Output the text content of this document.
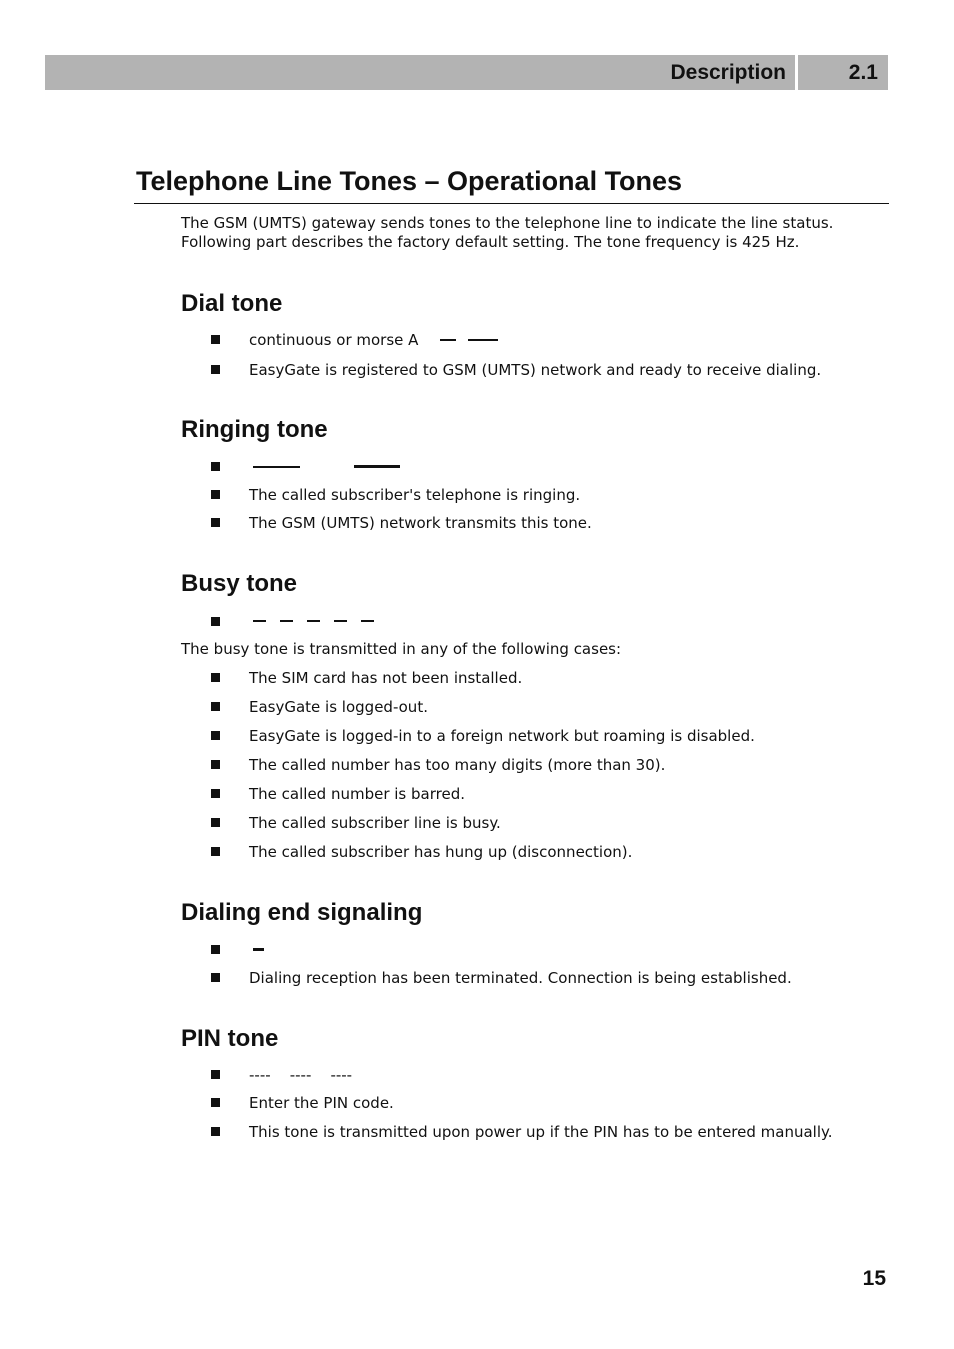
Description	2.1
Telephone Line Tones – Operational Tones
The GSM (UMTS) gateway sends tones to the telephone line to indicate the line status.
Following part describes the factory default setting. The tone frequency is 425 Hz.
Dial tone
continuous or morse A
EasyGate is registered to GSM (UMTS) network and ready to receive dialing.
Ringing tone
The called subscriber's telephone is ringing.
The GSM (UMTS) network transmits this tone.
Busy tone
The busy tone is transmitted in any of the following cases:
The SIM card has not been installed.
EasyGate is logged-out.
EasyGate is logged-in to a foreign network but roaming is disabled.
The called number has too many digits (more than 30).
The called number is barred.
The called subscriber line is busy.
The called subscriber has hung up (disconnection).
Dialing end signaling
Dialing reception has been terminated. Connection is being established.
PIN tone
----    ----    ----
Enter the PIN code.
This tone is transmitted upon power up if the PIN has to be entered manually.
15
